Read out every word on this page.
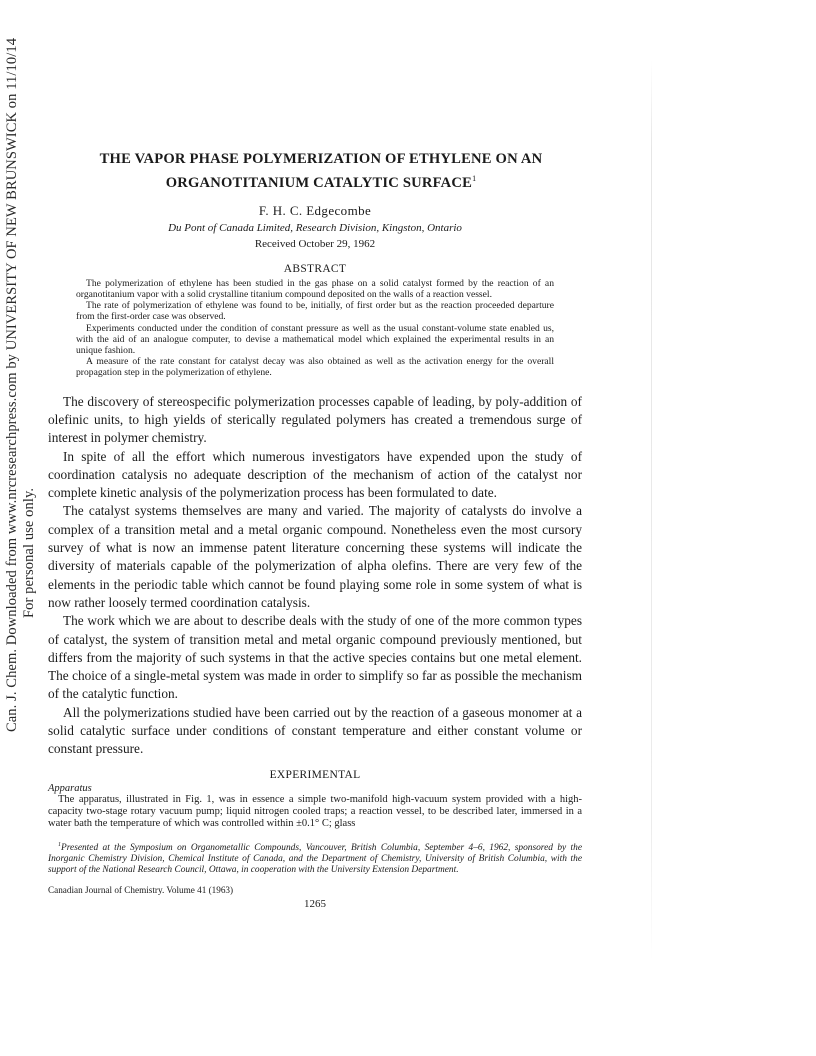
Can. J. Chem. Downloaded from www.nrcresearchpress.com by UNIVERSITY OF NEW BRUNSWICK on 11/10/14 For personal use only.
THE VAPOR PHASE POLYMERIZATION OF ETHYLENE ON AN
ORGANOTITANIUM CATALYTIC SURFACE$^1$
F. H. C. Edgecombe
Du Pont of Canada Limited, Research Division, Kingston, Ontario
Received October 29, 1962
ABSTRACT

The polymerization of ethylene has been studied in the gas phase on a solid catalyst formed by the reaction of an organotitanium vapor with a solid crystalline titanium compound deposited on the walls of a reaction vessel.

The rate of polymerization of ethylene was found to be, initially, of first order but as the reaction proceeded departure from the first-order case was observed.

Experiments conducted under the condition of constant pressure as well as the usual constant-volume state enabled us, with the aid of an analogue computer, to devise a mathematical model which explained the experimental results in an unique fashion.

A measure of the rate constant for catalyst decay was also obtained as well as the activation energy for the overall propagation step in the polymerization of ethylene.

The discovery of stereospecific polymerization processes capable of leading, by poly-addition of olefinic units, to high yields of sterically regulated polymers has created a tremendous surge of interest in polymer chemistry.

In spite of all the effort which numerous investigators have expended upon the study of coordination catalysis no adequate description of the mechanism of action of the catalyst nor complete kinetic analysis of the polymerization process has been formulated to date.

The catalyst systems themselves are many and varied. The majority of catalysts do involve a complex of a transition metal and a metal organic compound. Nonetheless even the most cursory survey of what is now an immense patent literature concerning these systems will indicate the diversity of materials capable of the polymerization of alpha olefins. There are very few of the elements in the periodic table which cannot be found playing some role in some system of what is now rather loosely termed coordination catalysis.

The work which we are about to describe deals with the study of one of the more common types of catalyst, the system of transition metal and metal organic compound previously mentioned, but differs from the majority of such systems in that the active species contains but one metal element. The choice of a single-metal system was made in order to simplify so far as possible the mechanism of the catalytic function.

All the polymerizations studied have been carried out by the reaction of a gaseous monomer at a solid catalytic surface under conditions of constant temperature and either constant volume or constant pressure.

EXPERIMENTAL
Apparatus

The apparatus, illustrated in Fig. 1, was in essence a simple two-manifold high-vacuum system provided with a high-capacity two-stage rotary vacuum pump; liquid nitrogen cooled traps; a reaction vessel, to be described later, immersed in a water bath the temperature of which was controlled within ±0.1° C; glass

$^1$Presented at the Symposium on Organometallic Compounds, Vancouver, British Columbia, September 4–6, 1962, sponsored by the Inorganic Chemistry Division, Chemical Institute of Canada, and the Department of Chemistry, University of British Columbia, with the support of the National Research Council, Ottawa, in cooperation with the University Extension Department.
Canadian Journal of Chemistry. Volume 41 (1963)
1265
